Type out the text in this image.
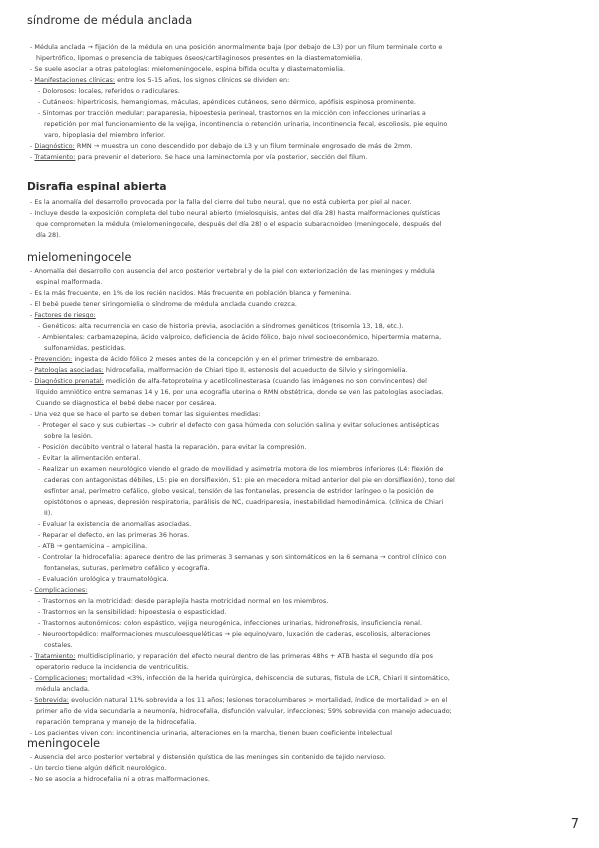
síndrome de médula anclada
Disrafia espinal abierta
mielomeningocele
meningocele
- Médula anclada → fijación de la médula en una posición anormalmente baja (por debajo de L3) por un filum terminale corto e
hipertrófico, lipomas o presencia de tabiques óseos/cartilaginosos presentes en la diastematomielia.
- Se suele asociar a otras patologías: mielomeningocele, espina bífida oculta y diastematomielia.
- Manifestaciones clínicas: entre los 5-15 años, los signos clínicos se dividen en:
- Dolorosos: locales, referidos o radiculares.
- Cutáneos: hipertricosis, hemangiomas, máculas, apéndices cutáneos, seno dérmico, apófisis espinosa prominente.
- Síntomas por tracción medular: paraparesia, hipoestesia perineal, trastornos en la micción con infecciones urinarias a
repetición por mal funcionamiento de la vejiga, incontinencia o retención urinaria, incontinencia fecal, escoliosis, pie equino
varo, hipoplasia del miembro inferior.
- Diagnóstico: RMN → muestra un cono descendido por debajo de L3 y un filum terminale engrosado de más de 2mm.
- Tratamiento: para prevenir el deterioro. Se hace una laminectomía por vía posterior, sección del filum.
- Es la anomalía del desarrollo provocada por la falla del cierre del tubo neural, que no está cubierta por piel al nacer.
- Incluye desde la exposición completa del tubo neural abierto (mielosquisis, antes del día 28) hasta malformaciones quísticas
que comprometen la médula (mielomeningocele, después del día 28) o el espacio subaracnoideo (meningocele, después del
día 28).
- Anomalía del desarrollo con ausencia del arco posterior vertebral y de la piel con exteriorización de las meninges y médula
espinal malformada.
- Es la más frecuente, en 1% de los recién nacidos. Más frecuente en población blanca y femenina.
- El bebé puede tener siringomielia o síndrome de médula anclada cuando crezca.
- Factores de riesgo:
- Genéticos: alta recurrencia en caso de historia previa, asociación a síndromes genéticos (trisomía 13, 18, etc.).
- Ambientales: carbamazepina, ácido valproico, deficiencia de ácido fólico, bajo nivel socioeconómico, hipertermia materna,
sulfonamidas, pesticidas.
- Prevención: ingesta de ácido fólico 2 meses antes de la concepción y en el primer trimestre de embarazo.
- Patologías asociadas: hidrocefalia, malformación de Chiari tipo II, estenosis del acueducto de Silvio y siringomielia.
- Diagnóstico prenatal: medición de alfa-fetoproteína y acetilcolinesterasa (cuando las imágenes no son convincentes) del
líquido amniótico entre semanas 14 y 16, por una ecografía uterina o RMN obstétrica, donde se ven las patologías asociadas.
Cuando se diagnostica el bebé debe nacer por cesárea.
- Una vez que se hace el parto se deben tomar las siguientes medidas:
- Proteger el saco y sus cubiertas –> cubrir el defecto con gasa húmeda con solución salina y evitar soluciones antisépticas
sobre la lesión.
- Posición decúbito ventral o lateral hasta la reparación, para evitar la compresión.
- Evitar la alimentación enteral.
- Realizar un examen neurológico viendo el grado de movilidad y asimetría motora de los miembros inferiores (L4: flexión de
caderas con antagonistas débiles, L5: pie en dorsiflexión, S1: pie en mecedora mitad anterior del pie en dorsiflexión), tono del
esfínter anal, perímetro cefálico, globo vesical, tensión de las fontanelas, presencia de estridor laríngeo o la posición de
opistótonos o apneas, depresión respiratoria, parálisis de NC, cuadriparesia, inestabilidad hemodinámica. (clínica de Chiari
II).
- Evaluar la existencia de anomalías asociadas.
- Reparar el defecto, en las primeras 36 horas.
- ATB → gentamicina – ampicilina.
- Controlar la hidrocefalia: aparece dentro de las primeras 3 semanas y son sintomáticos en la 6 semana → control clínico con
fontanelas, suturas, perímetro cefálico y ecografía.
- Evaluación urológica y traumatológica.
- Complicaciones:
- Trastornos en la motricidad: desde paraplejía hasta motricidad normal en los miembros.
- Trastornos en la sensibilidad: hipoestesia o espasticidad.
- Trastornos autonómicos: colon espástico, vejiga neurogénica, infecciones urinarias, hidronefrosis, insuficiencia renal.
- Neuroortopédico: malformaciones musculoesqueléticas → pie equino/varo, luxación de caderas, escoliosis, alteraciones
costales.
- Tratamiento: multidisciplinario, y reparación del efecto neural dentro de las primeras 48hs + ATB hasta el segundo día pos
operatorio reduce la incidencia de ventriculitis.
- Complicaciones: mortalidad <3%, infección de la herida quirúrgica, dehiscencia de suturas, fístula de LCR, Chiari II sintomático,
médula anclada.
- Sobrevida: evolución natural 11% sobrevida a los 11 años; lesiones toracolumbares > mortalidad, índice de mortalidad > en el
primer año de vida secundaria a neumonía, hidrocefalia, disfunción valvular, infecciones; 59% sobrevida con manejo adecuado;
reparación temprana y manejo de la hidrocefalia.
- Los pacientes viven con: incontinencia urinaria, alteraciones en la marcha, tienen buen coeficiente intelectual
- Ausencia del arco posterior vertebral y distensión quística de las meninges sin contenido de tejido nervioso.
- Un tercio tiene algún déficit neurológico.
- No se asocia a hidrocefalia ni a otras malformaciones.
7
